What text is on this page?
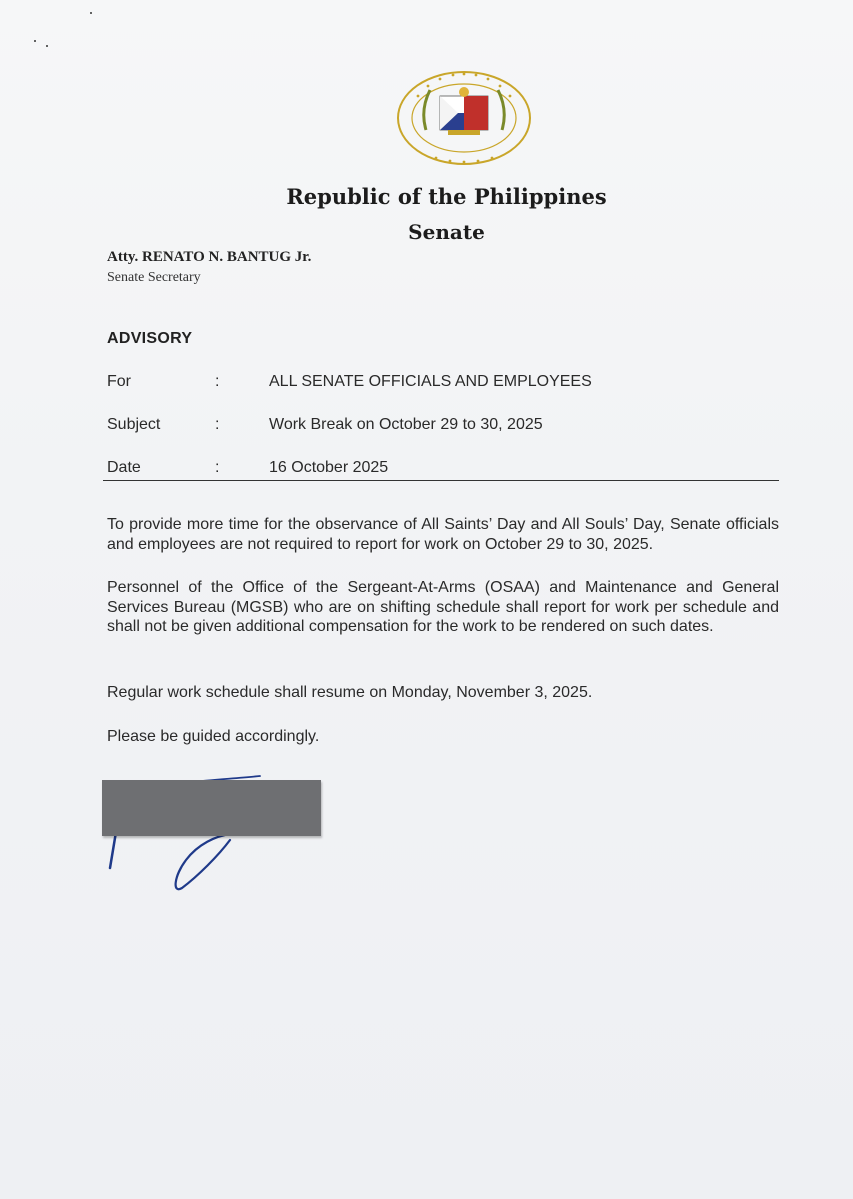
Republic of the Philippines
Senate
Atty. RENATO N. BANTUG Jr.
Senate Secretary
ADVISORY
For	:	ALL SENATE OFFICIALS AND EMPLOYEES
Subject	:	Work Break on October 29 to 30, 2025
Date	:	16 October 2025

To provide more time for the observance of All Saints’ Day and All Souls’ Day, Senate officials and employees are not required to report for work on October 29 to 30, 2025.

Personnel of the Office of the Sergeant-At-Arms (OSAA) and Maintenance and General Services Bureau (MGSB) who are on shifting schedule shall report for work per schedule and shall not be given additional compensation for the work to be rendered on such dates.

Regular work schedule shall resume on Monday, November 3, 2025.

Please be guided accordingly.
